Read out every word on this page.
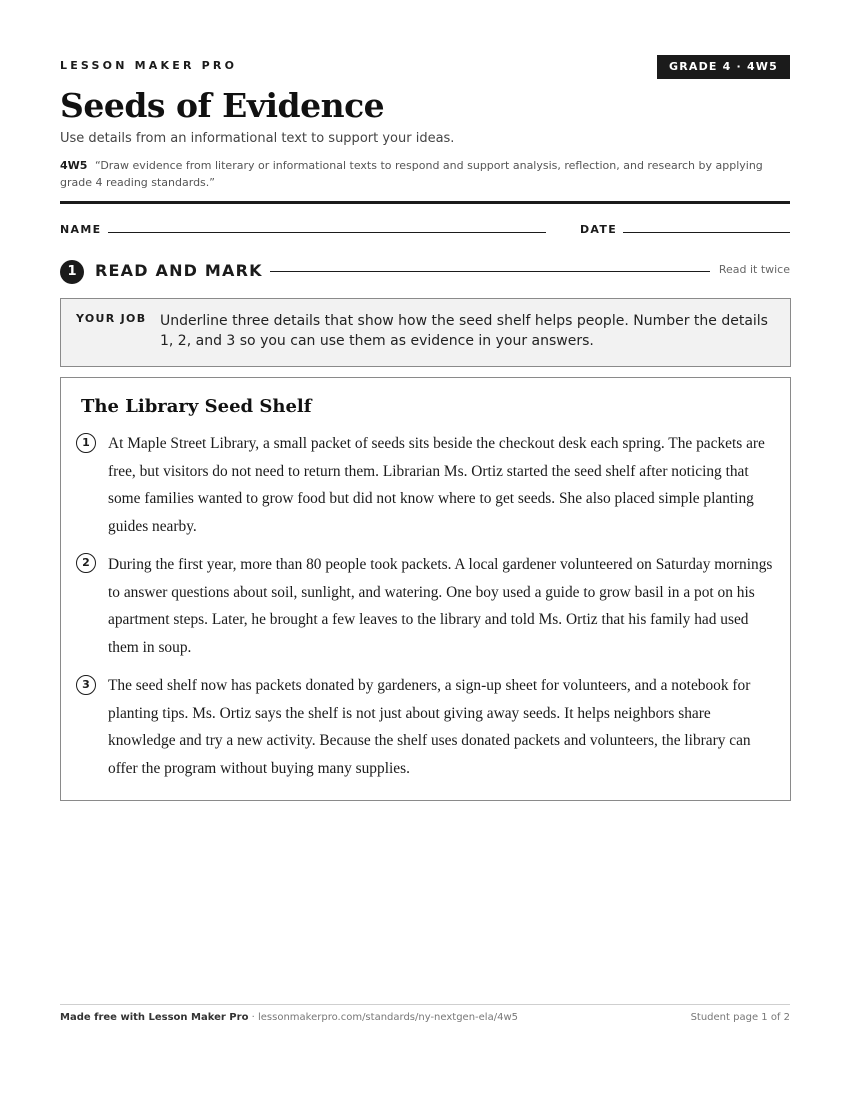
LESSON MAKER PRO	GRADE 4 · 4W5
Seeds of Evidence
Use details from an informational text to support your ideas.
4W5 “Draw evidence from literary or informational texts to respond and support analysis, reflection, and research by applying grade 4 reading standards.”
NAME	DATE
1	READ AND MARK	Read it twice
YOUR JOB Underline three details that show how the seed shelf helps people. Number the details 1, 2, and 3 so you can use them as evidence in your answers.
The Library Seed Shelf
1	At Maple Street Library, a small packet of seeds sits beside the checkout desk each spring. The packets are free, but visitors do not need to return them. Librarian Ms. Ortiz started the seed shelf after noticing that some families wanted to grow food but did not know where to get seeds. She also placed simple planting guides nearby.
2	During the first year, more than 80 people took packets. A local gardener volunteered on Saturday mornings to answer questions about soil, sunlight, and watering. One boy used a guide to grow basil in a pot on his apartment steps. Later, he brought a few leaves to the library and told Ms. Ortiz that his family had used them in soup.
3	The seed shelf now has packets donated by gardeners, a sign-up sheet for volunteers, and a notebook for planting tips. Ms. Ortiz says the shelf is not just about giving away seeds. It helps neighbors share knowledge and try a new activity. Because the shelf uses donated packets and volunteers, the library can offer the program without buying many supplies.
Made free with Lesson Maker Pro · lessonmakerpro.com/standards/ny-nextgen-ela/4w5	Student page 1 of 2
